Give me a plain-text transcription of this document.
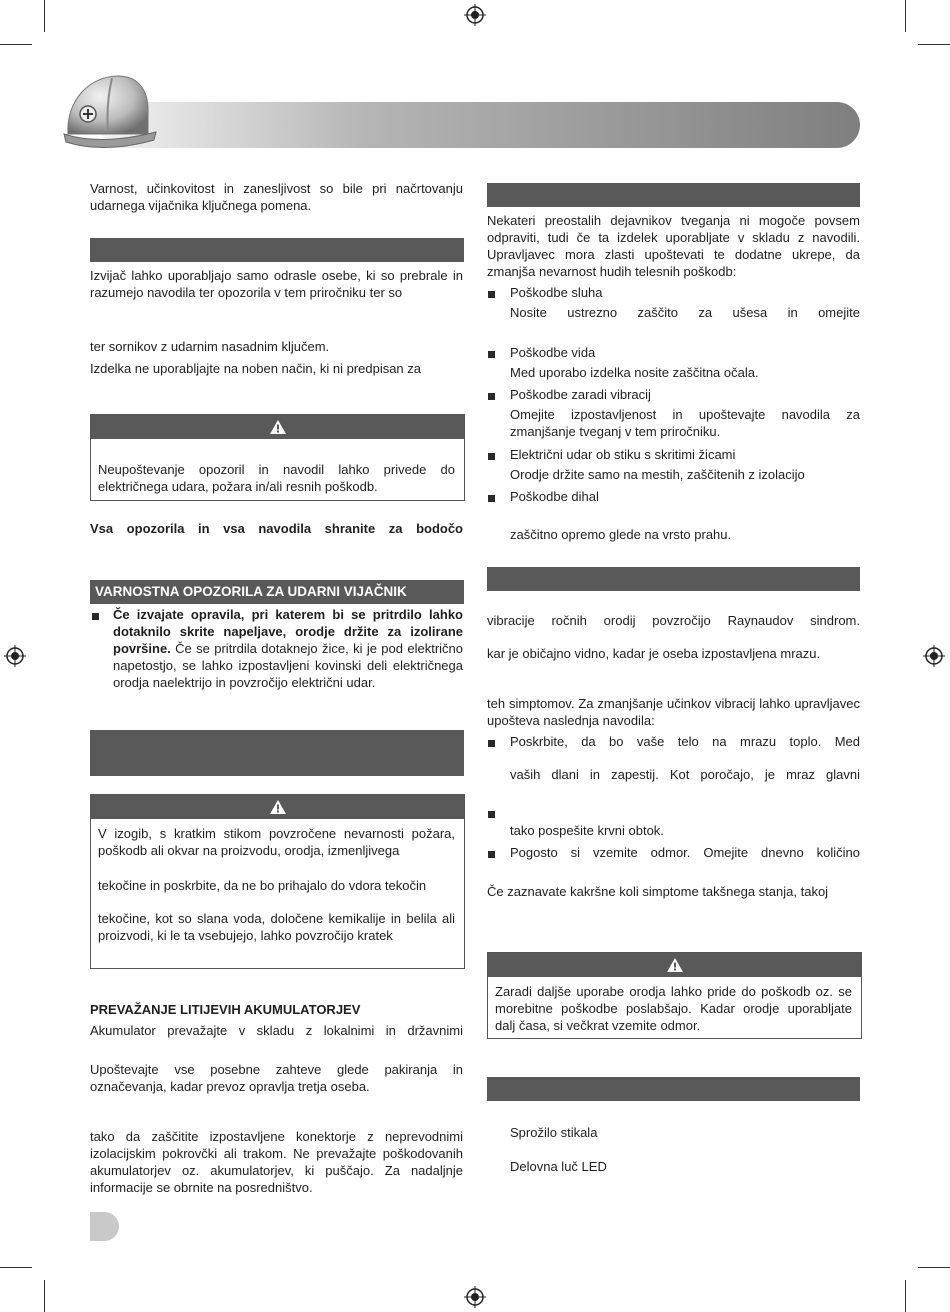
Varnost, učinkovitost in zanesljivost so bile pri načrtovanju udarnega vijačnika ključnega pomena.

Izvijač lahko uporabljajo samo odrasle osebe, ki so prebrale in razumejo navodila ter opozorila v tem priročniku ter so

ter sornikov z udarnim nasadnim ključem.

Izdelka ne uporabljajte na noben način, ki ni predpisan za

Neupoštevanje opozoril in navodil lahko privede do električnega udara, požara in/ali resnih poškodb.

Vsa opozorila in vsa navodila shranite za bodočo

VARNOSTNA OPOZORILA ZA UDARNI VIJAČNIK

Če izvajate opravila, pri katerem bi se pritrdilo lahko dotaknilo skrite napeljave, orodje držite za izolirane površine. Če se pritrdila dotaknejo žice, ki je pod električno napetostjo, se lahko izpostavljeni kovinski deli električnega orodja naelektrijo in povzročijo električni udar.

V izogib, s kratkim stikom povzročene nevarnosti požara, poškodb ali okvar na proizvodu, orodja, izmenljivega

tekočine in poskrbite, da ne bo prihajalo do vdora tekočin

tekočine, kot so slana voda, določene kemikalije in belila ali proizvodi, ki le ta vsebujejo, lahko povzročijo kratek

PREVAŽANJE LITIJEVIH AKUMULATORJEV

Akumulator prevažajte v skladu z lokalnimi in državnimi

Upoštevajte vse posebne zahteve glede pakiranja in označevanja, kadar prevoz opravlja tretja oseba.

tako da zaščitite izpostavljene konektorje z neprevodnimi izolacijskim pokrovčki ali trakom. Ne prevažajte poškodovanih akumulatorjev oz. akumulatorjev, ki puščajo. Za nadaljnje informacije se obrnite na posredništvo.

Nekateri preostalih dejavnikov tveganja ni mogoče povsem odpraviti, tudi če ta izdelek uporabljate v skladu z navodili. Upravljavec mora zlasti upoštevati te dodatne ukrepe, da zmanjša nevarnost hudih telesnih poškodb:

Poškodbe sluha

Nosite ustrezno zaščito za ušesa in omejite

Poškodbe vida

Med uporabo izdelka nosite zaščitna očala.

Poškodbe zaradi vibracij

Omejite izpostavljenost in upoštevajte navodila za zmanjšanje tveganj v tem priročniku.

Električni udar ob stiku s skritimi žicami

Orodje držite samo na mestih, zaščitenih z izolacijo

Poškodbe dihal

zaščitno opremo glede na vrsto prahu.

vibracije ročnih orodij povzročijo Raynaudov sindrom.

kar je običajno vidno, kadar je oseba izpostavljena mrazu.

teh simptomov. Za zmanjšanje učinkov vibracij lahko upravljavec upošteva naslednja navodila:

Poskrbite, da bo vaše telo na mrazu toplo. Med

vaših dlani in zapestij. Kot poročajo, je mraz glavni

tako pospešite krvni obtok.

Pogosto si vzemite odmor. Omejite dnevno količino

Če zaznavate kakršne koli simptome takšnega stanja, takoj

Zaradi daljše uporabe orodja lahko pride do poškodb oz. se morebitne poškodbe poslabšajo. Kadar orodje uporabljate dalj časa, si večkrat vzemite odmor.

Sprožilo stikala

Delovna luč LED
